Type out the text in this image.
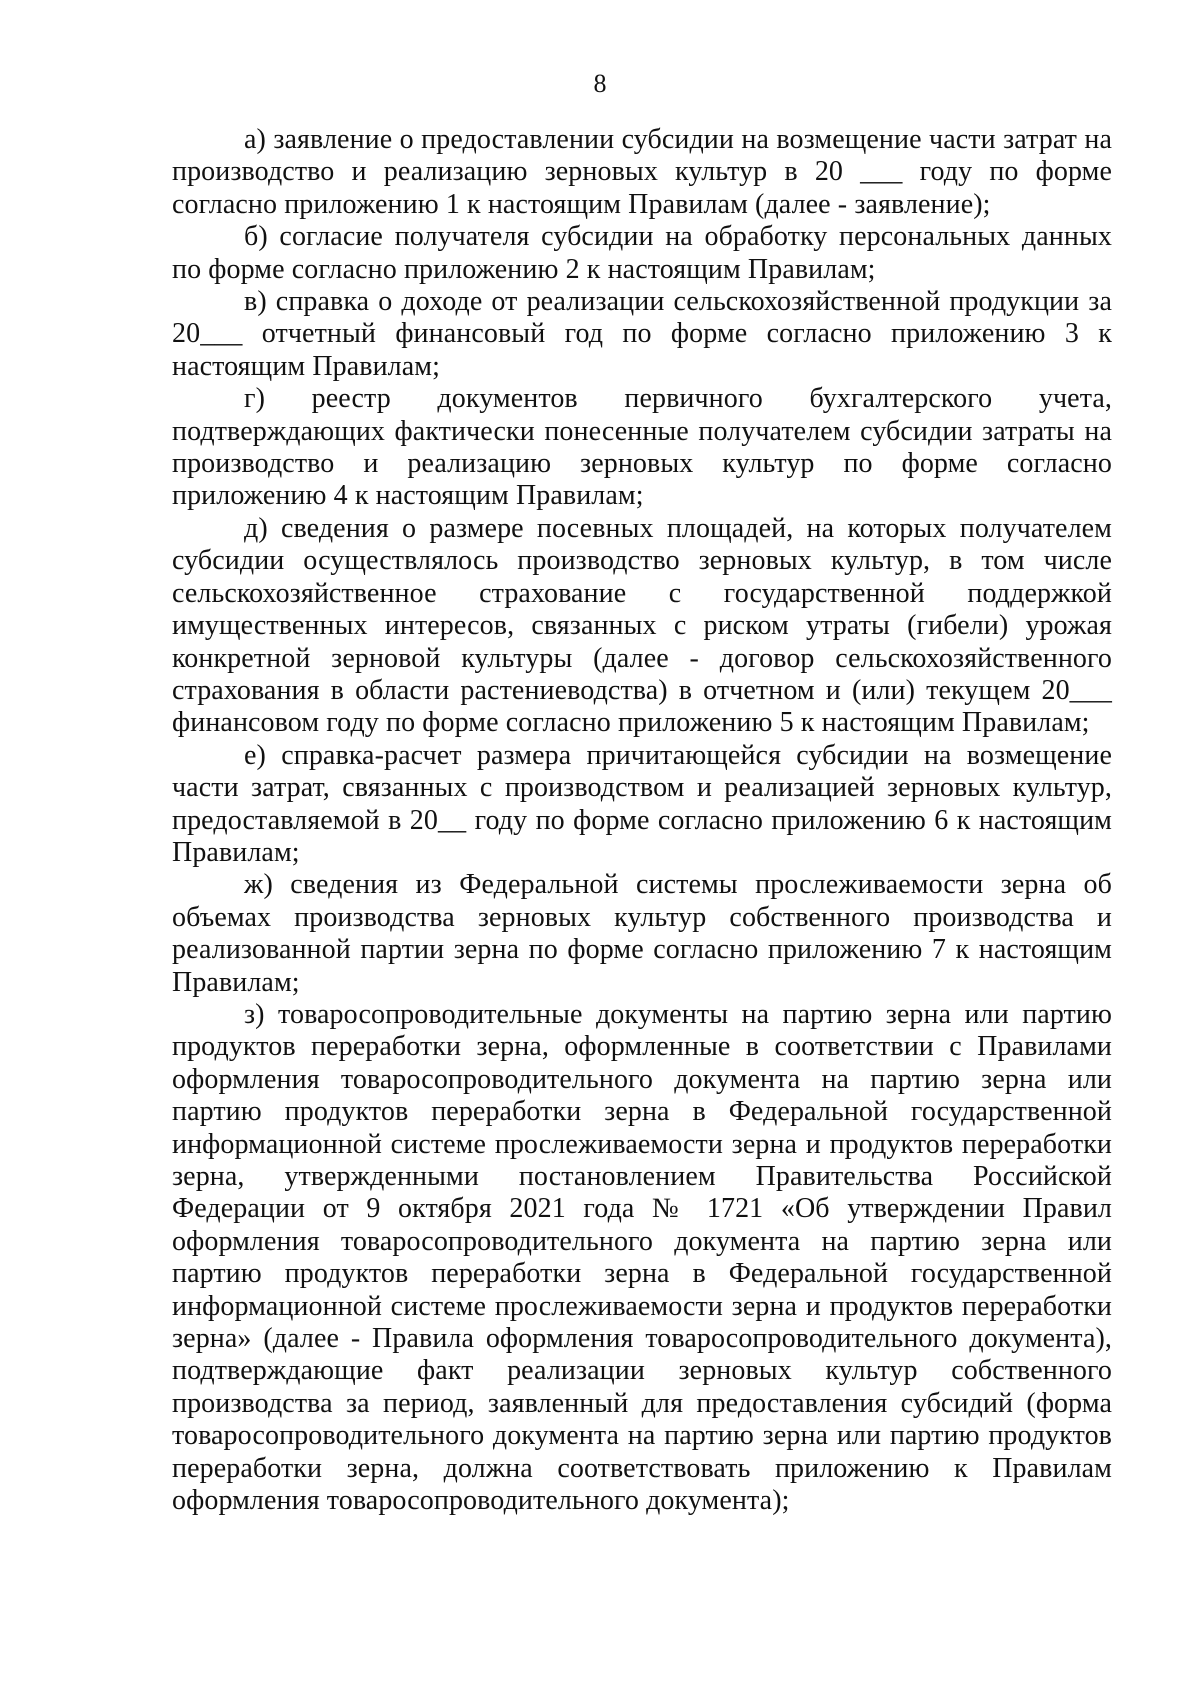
8

а) заявление о предоставлении субсидии на возмещение части затрат на производство и реализацию зерновых культур в 20 ___ году по форме согласно приложению 1 к настоящим Правилам (далее - заявление);

б) согласие получателя субсидии на обработку персональных данных по форме согласно приложению 2 к настоящим Правилам;

в) справка о доходе от реализации сельскохозяйственной продукции за 20___ отчетный финансовый год по форме согласно приложению 3 к настоящим Правилам;

г) реестр документов первичного бухгалтерского учета, подтверждающих фактически понесенные получателем субсидии затраты на производство и реализацию зерновых культур по форме согласно приложению 4 к настоящим Правилам;

д) сведения о размере посевных площадей, на которых получателем субсидии осуществлялось производство зерновых культур, в том числе сельскохозяйственное страхование с государственной поддержкой имущественных интересов, связанных с риском утраты (гибели) урожая конкретной зерновой культуры (далее - договор сельскохозяйственного страхования в области растениеводства) в отчетном и (или) текущем 20___ финансовом году по форме согласно приложению 5 к настоящим Правилам;

е) справка-расчет размера причитающейся субсидии на возмещение части затрат, связанных с производством и реализацией зерновых культур, предоставляемой в 20__ году по форме согласно приложению 6 к настоящим Правилам;

ж) сведения из Федеральной системы прослеживаемости зерна об объемах производства зерновых культур собственного производства и реализованной партии зерна по форме согласно приложению 7 к настоящим Правилам;

з) товаросопроводительные документы на партию зерна или партию продуктов переработки зерна, оформленные в соответствии с Правилами оформления товаросопроводительного документа на партию зерна или партию продуктов переработки зерна в Федеральной государственной информационной системе прослеживаемости зерна и продуктов переработки зерна, утвержденными постановлением Правительства Российской Федерации от 9 октября 2021 года № 1721 «Об утверждении Правил оформления товаросопроводительного документа на партию зерна или партию продуктов переработки зерна в Федеральной государственной информационной системе прослеживаемости зерна и продуктов переработки зерна» (далее - Правила оформления товаросопроводительного документа), подтверждающие факт реализации зерновых культур собственного производства за период, заявленный для предоставления субсидий (форма товаросопроводительного документа на партию зерна или партию продуктов переработки зерна, должна соответствовать приложению к Правилам оформления товаросопроводительного документа);
